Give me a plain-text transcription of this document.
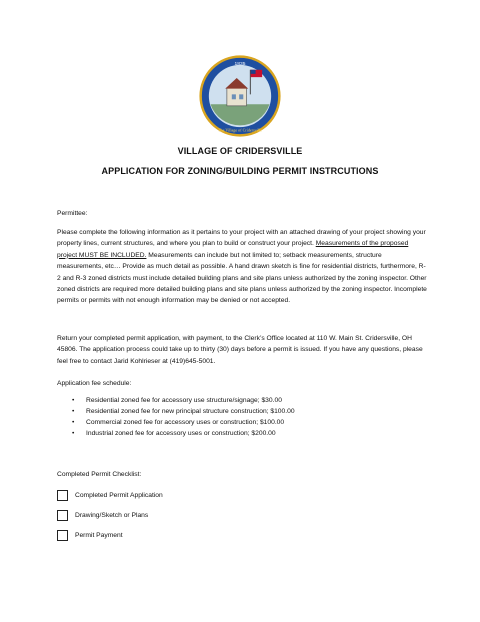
1835
The Village of Cridersville
VILLAGE OF CRIDERSVILLE
APPLICATION FOR ZONING/BUILDING PERMIT INSTRCUTIONS
Permittee:
Please complete the following information as it pertains to your project with an attached drawing of your project showing your property lines, current structures, and where you plan to build or construct your project. Measurements of the proposed project MUST BE INCLUDED. Measurements can include but not limited to; setback measurements, structure measurements, etc… Provide as much detail as possible. A hand drawn sketch is fine for residential districts, furthermore, R-2 and R-3 zoned districts must include detailed building plans and site plans unless authorized by the zoning inspector. Other zoned districts are required more detailed building plans and site plans unless authorized by the zoning inspector. Incomplete permits or permits with not enough information may be denied or not accepted.
Return your completed permit application, with payment, to the Clerk’s Office located at 110 W. Main St. Cridersville, OH 45806. The application process could take up to thirty (30) days before a permit is issued. If you have any questions, please feel free to contact Jarid Kohlrieser at (419)645-5001.
Application fee schedule:
• Residential zoned fee for accessory use structure/signage; $30.00
• Residential zoned fee for new principal structure construction; $100.00
• Commercial zoned fee for accessory uses or construction; $100.00
• Industrial zoned fee for accessory uses or construction; $200.00
Completed Permit Checklist:
Completed Permit Application
Drawing/Sketch or Plans
Permit Payment
